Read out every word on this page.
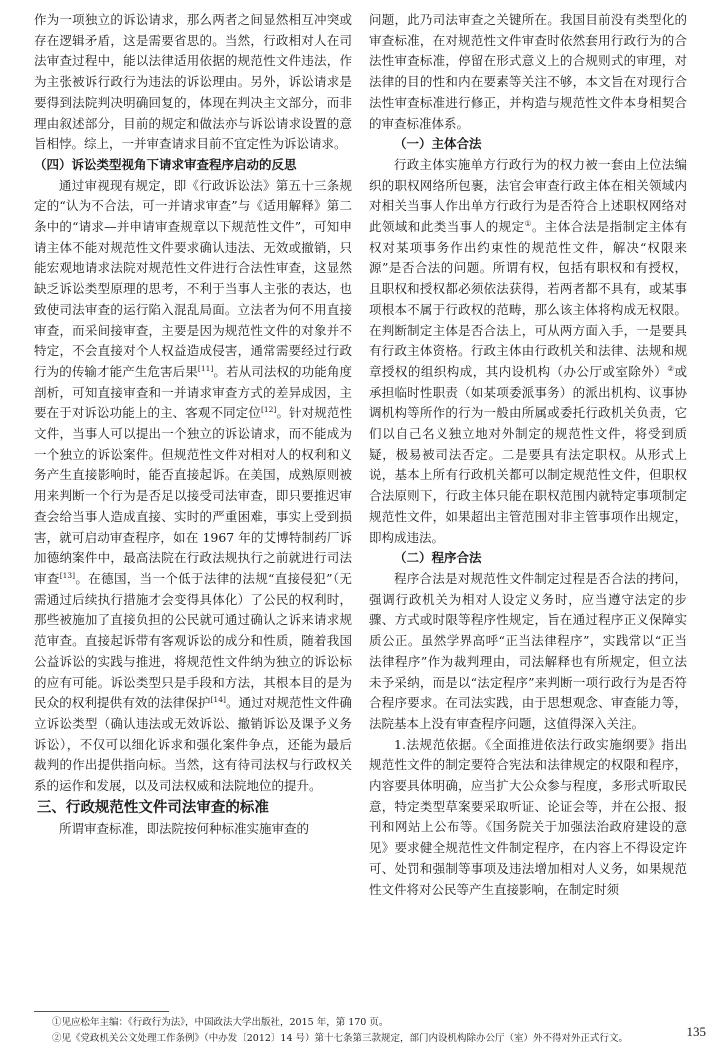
作为一项独立的诉讼请求，那么两者之间显然相互冲突或存在逻辑矛盾，这是需要省思的。当然，行政相对人在司法审查过程中，能以法律适用依据的规范性文件违法，作为主张被诉行政行为违法的诉讼理由。另外，诉讼请求是要得到法院判决明确回复的，体现在判决主文部分，而非理由叙述部分，目前的规定和做法亦与诉讼请求设置的意旨相悖。综上，一并审查请求目前不宜定性为诉讼请求。

（四）诉讼类型视角下请求审查程序启动的反思

通过审视现有规定，即《行政诉讼法》第五十三条规定的“认为不合法，可一并请求审查”与《适用解释》第二条中的“请求—并申请审查规章以下规范性文件”，可知申请主体不能对规范性文件要求确认违法、无效或撤销，只能宏观地请求法院对规范性文件进行合法性审查，这显然缺乏诉讼类型原理的思考，不利于当事人主张的表达，也致使司法审查的运行陷入混乱局面。立法者为何不用直接审查，而采间接审查，主要是因为规范性文件的对象并不特定，不会直接对个人权益造成侵害，通常需要经过行政行为的传输才能产生危害后果[11]。若从司法权的功能角度剖析，可知直接审查和一并请求审查方式的差异成因，主要在于对诉讼功能上的主、客观不同定位[12]。针对规范性文件，当事人可以提出一个独立的诉讼请求，而不能成为一个独立的诉讼案件。但规范性文件对相对人的权利和义务产生直接影响时，能否直接起诉。在美国，成熟原则被用来判断一个行为是否足以接受司法审查，即只要推迟审查会给当事人造成直接、实时的严重困难，事实上受到损害，就可启动审查程序，如在 1967 年的艾博特制药厂诉加德纳案件中，最高法院在行政法规执行之前就进行司法审查[13]。在德国，当一个低于法律的法规“直接侵犯”（无需通过后续执行措施才会变得具体化）了公民的权利时，那些被施加了直接负担的公民就可通过确认之诉来请求规范审查。直接起诉带有客观诉讼的成分和性质，随着我国公益诉讼的实践与推进，将规范性文件纳为独立的诉讼标的应有可能。诉讼类型只是手段和方法，其根本目的是为民众的权利提供有效的法律保护[14]。通过对规范性文件确立诉讼类型（确认违法或无效诉讼、撤销诉讼及课予义务诉讼），不仅可以细化诉求和强化案件争点，还能为最后裁判的作出提供指向标。当然，这有待司法权与行政权关系的运作和发展，以及司法权威和法院地位的提升。

三、行政规范性文件司法审查的标准

所谓审查标准，即法院按何种标准实施审查的

问题，此乃司法审查之关键所在。我国目前没有类型化的审查标准，在对规范性文件审查时依然套用行政行为的合法性审查标准，停留在形式意义上的合规则式的审理，对法律的目的性和内在要素等关注不够，本文旨在对现行合法性审查标准进行修正，并构造与规范性文件本身相契合的审查标准体系。

（一）主体合法

行政主体实施单方行政行为的权力被一套由上位法编织的职权网络所包裹，法官会审查行政主体在相关领域内对相关当事人作出单方行政行为是否符合上述职权网络对此领域和此类当事人的规定①。主体合法是指制定主体有权对某项事务作出约束性的规范性文件，解决“权限来源”是否合法的问题。所谓有权，包括有职权和有授权，且职权和授权都必须依法获得，若两者都不具有，或某事项根本不属于行政权的范畴，那么该主体将构成无权限。在判断制定主体是否合法上，可从两方面入手，一是要具有行政主体资格。行政主体由行政机关和法律、法规和规章授权的组织构成，其内设机构（办公厅或室除外）②或承担临时性职责（如某项委派事务）的派出机构、议事协调机构等所作的行为一般由所属或委托行政机关负责，它们以自己名义独立地对外制定的规范性文件，将受到质疑，极易被司法否定。二是要具有法定职权。从形式上说，基本上所有行政机关都可以制定规范性文件，但职权合法原则下，行政主体只能在职权范围内就特定事项制定规范性文件，如果超出主管范围对非主管事项作出规定，即构成违法。

（二）程序合法

程序合法是对规范性文件制定过程是否合法的拷问，强调行政机关为相对人设定义务时，应当遵守法定的步骤、方式或时限等程序性规定，旨在通过程序正义保障实质公正。虽然学界高呼“正当法律程序”，实践常以“正当法律程序”作为裁判理由，司法解释也有所规定，但立法未予采纳，而是以“法定程序”来判断一项行政行为是否符合程序要求。在司法实践，由于思想观念、审查能力等，法院基本上没有审查程序问题，这值得深入关注。

1.法规范依据。《全面推进依法行政实施纲要》指出规范性文件的制定要符合宪法和法律规定的权限和程序，内容要具体明确，应当扩大公众参与程度，多形式听取民意，特定类型草案要采取听证、论证会等，并在公报、报刊和网站上公布等。《国务院关于加强法治政府建设的意见》要求健全规范性文件制定程序，在内容上不得设定许可、处罚和强制等事项及违法增加相对人义务，如果规范性文件将对公民等产生直接影响，在制定时须

①见应松年主编：《行政行为法》，中国政法大学出版社，2015 年，第 170 页。
②见《党政机关公文处理工作条例》（中办发〔2012〕14 号）第十七条第三款规定，部门内设机构除办公厅（室）外不得对外正式行文。	135
